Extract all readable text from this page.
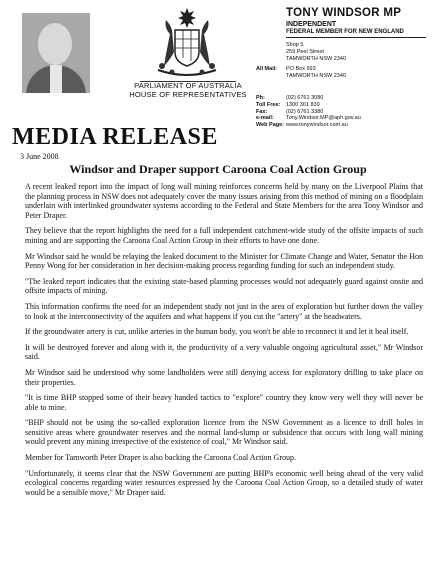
PARLIAMENT OF AUSTRALIA
HOUSE OF REPRESENTATIVES
TONY WINDSOR MP
INDEPENDENT
FEDERAL MEMBER FOR NEW ENGLAND
Shop 5
259 Peel Street
TAMWORTH NSW 2340
All Mail: PO Box 993
TAMWORTH NSW 2340
Ph:
Toll Free:
Fax:
e-mail:
Web Page:
(02) 6761 3080
1300 301 839
(02) 6761 3380
Tony.Windsor.MP@aph.gov.au
www.tonywindsor.com.au
MEDIA RELEASE
3 June 2008
Windsor and Draper support Caroona Coal Action Group

A recent leaked report into the impact of long wall mining reinforces concerns held by many on the Liverpool Plains that the planning process in NSW does not adequately cover the many issues arising from this method of mining on a floodplain underlain with interlinked groundwater systems according to the Federal and State Members for the area Tony Windsor and Peter Draper.

They believe that the report highlights the need for a full independent catchment-wide study of the offsite impacts of such mining and are supporting the Caroona Coal Action Group in their efforts to have one done.

Mr Windsor said he would be relaying the leaked document to the Minister for Climate Change and Water, Senator the Hon Penny Wong for her consideration in her decision-making process regarding funding for such an independent study.

"The leaked report indicates that the existing state-based planning processes would not adequately guard against onsite and offsite impacts of mining.

This information confirms the need for an independent study not just in the area of exploration but further down the valley to look at the interconnectivity of the aquifers and what happens if you cut the "artery" at the headwaters.

If the groundwater artery is cut, unlike arteries in the human body, you won't be able to reconnect it and let it heal itself.

It will be destroyed forever and along with it, the productivity of a very valuable ongoing agricultural asset," Mr Windsor said.

Mr Windsor said he understood why some landholders were still denying access for exploratory drilling to take place on their properties.

"It is time BHP stopped some of their heavy handed tactics to "explore" country they know very well they will never be able to mine.

"BHP should not be using the so-called exploration licence from the NSW Government as a licence to drill holes in sensitive areas where groundwater reserves and the normal land-slump or subsidence that occurs with long wall mining would prevent any mining irrespective of the existence of coal," Mr Windsor said.

Member for Tamworth Peter Draper is also backing the Caroona Coal Action Group.

"Unfortunately, it seems clear that the NSW Government are putting BHP's economic well being ahead of the very valid ecological concerns regarding water resources expressed by the Caroona Coal Action Group, so a detailed study of water would be a sensible move," Mr Draper said.
